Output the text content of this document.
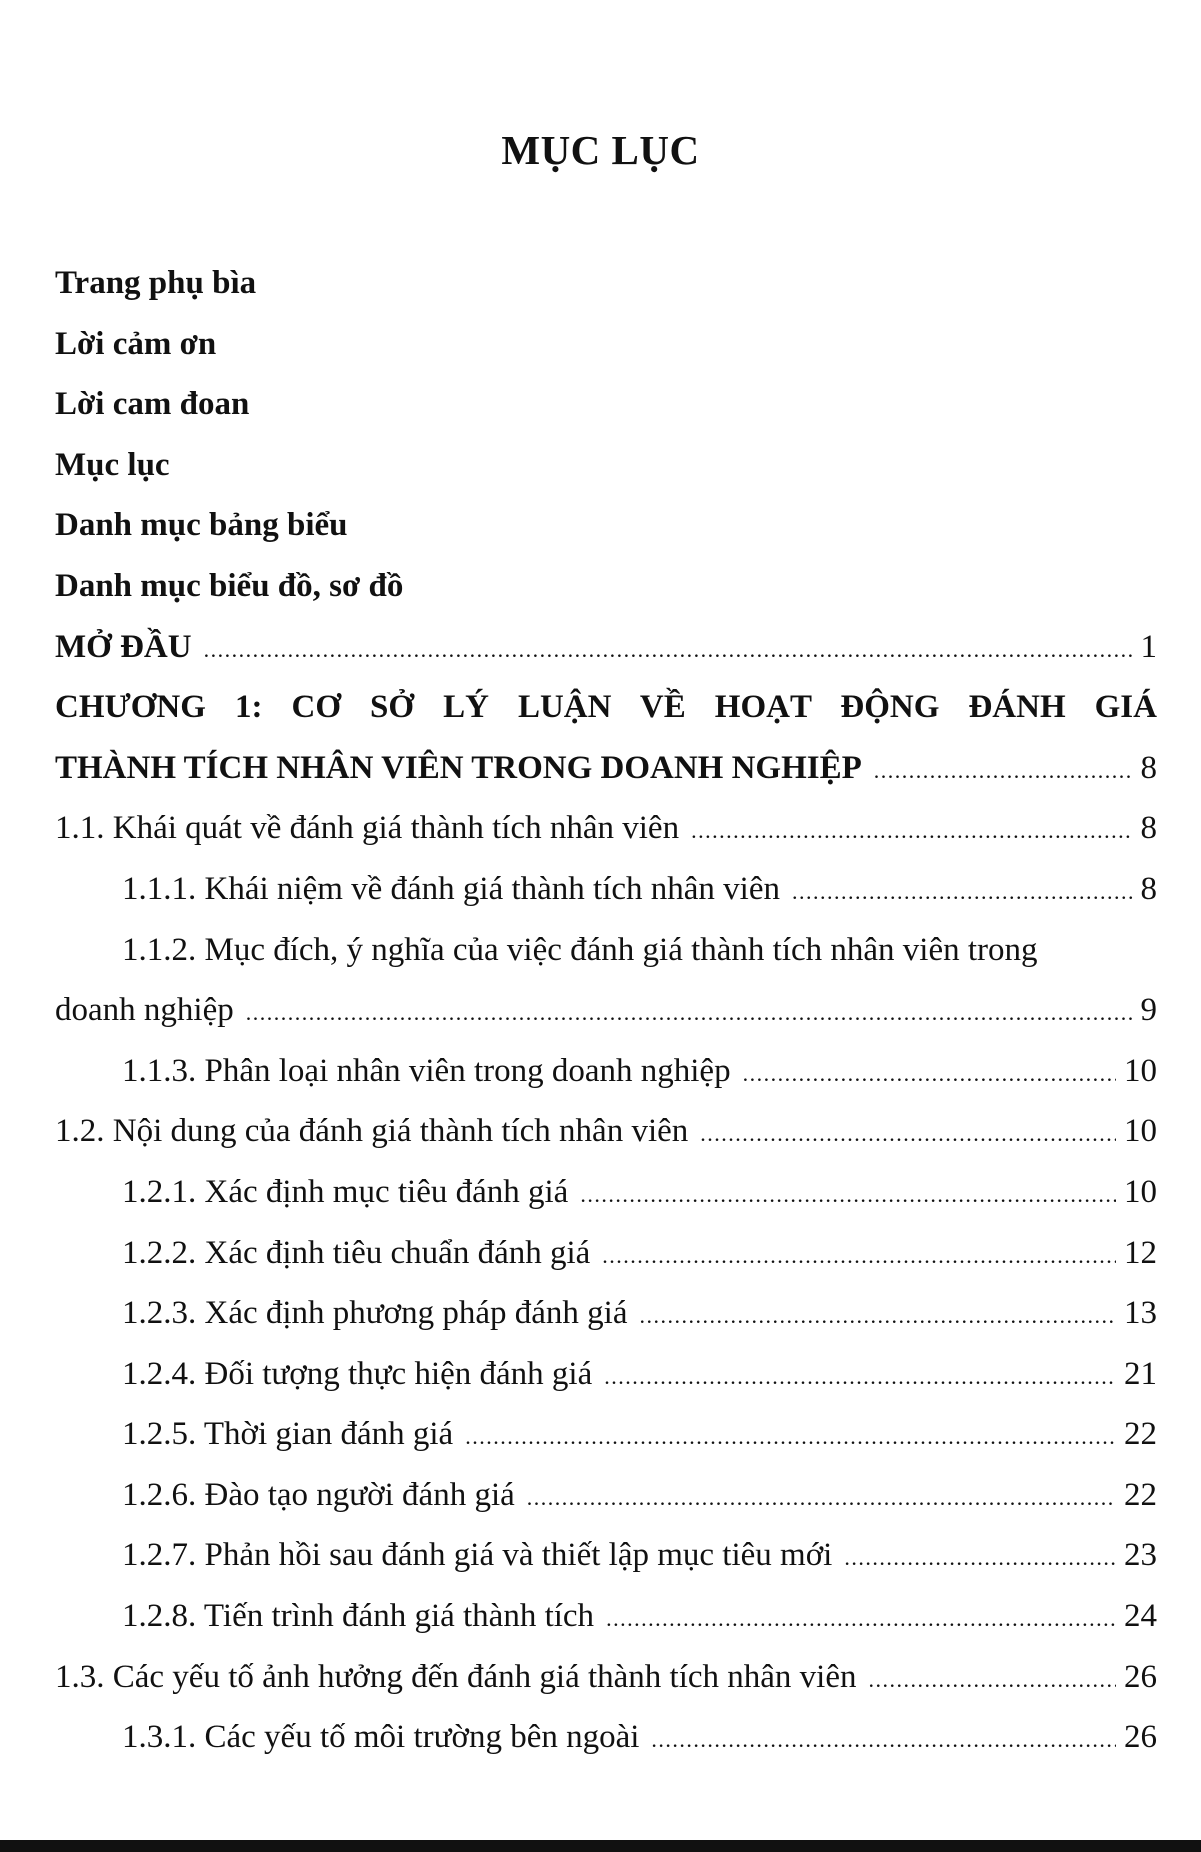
MỤC LỤC
Trang phụ bìa
Lời cảm ơn
Lời cam đoan
Mục lục
Danh mục bảng biểu
Danh mục biểu đồ, sơ đồ
MỞ ĐẦU .....	1
CHƯƠNG 1: CƠ SỞ LÝ LUẬN VỀ HOẠT ĐỘNG ĐÁNH GIÁ
THÀNH TÍCH NHÂN VIÊN TRONG DOANH NGHIỆP .....	8
1.1. Khái quát về đánh giá thành tích nhân viên .....	8
1.1.1. Khái niệm về đánh giá thành tích nhân viên .....	8
1.1.2. Mục đích, ý nghĩa của việc đánh giá thành tích nhân viên trong
doanh nghiệp .....	9
1.1.3. Phân loại nhân viên trong doanh nghiệp .....	10
1.2. Nội dung của đánh giá thành tích nhân viên .....	10
1.2.1. Xác định mục tiêu đánh giá .....	10
1.2.2. Xác định tiêu chuẩn đánh giá .....	12
1.2.3. Xác định phương pháp đánh giá .....	13
1.2.4. Đối tượng thực hiện đánh giá .....	21
1.2.5. Thời gian đánh giá .....	22
1.2.6. Đào tạo người đánh giá .....	22
1.2.7. Phản hồi sau đánh giá và thiết lập mục tiêu mới .....	23
1.2.8. Tiến trình đánh giá thành tích .....	24
1.3. Các yếu tố ảnh hưởng đến đánh giá thành tích nhân viên .....	26
1.3.1. Các yếu tố môi trường bên ngoài .....	26
